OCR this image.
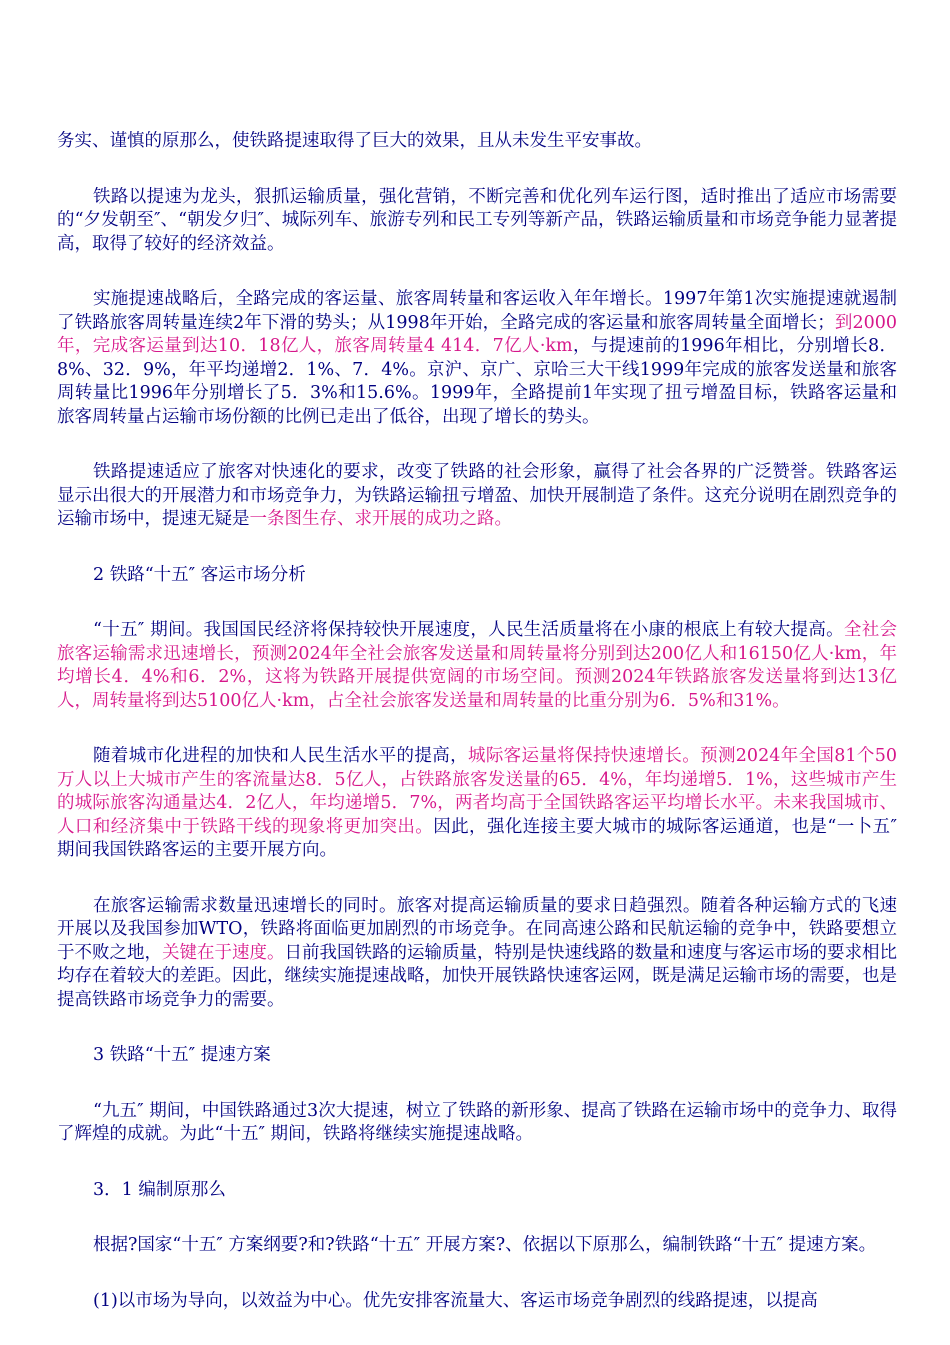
务实、谨慎的原那么，使铁路提速取得了巨大的效果，且从未发生平安事故。

铁路以提速为龙头，狠抓运输质量，强化营销，不断完善和优化列车运行图，适时推出了适应市场需要的“夕发朝至″、“朝发夕归″、城际列车、旅游专列和民工专列等新产品，铁路运输质量和市场竞争能力显著提高，取得了较好的经济效益。

实施提速战略后，全路完成的客运量、旅客周转量和客运收入年年增长。1997年第1次实施提速就遏制了铁路旅客周转量连续2年下滑的势头；从1998年开始，全路完成的客运量和旅客周转量全面增长；到2000年，完成客运量到达10．18亿人，旅客周转量4 414．7亿人·km，与提速前的1996年相比，分别增长8．8%、32．9%，年平均递增2．1%、7．4%。京沪、京广、京哈三大干线1999年完成的旅客发送量和旅客周转量比1996年分别增长了5．3%和15.6%。1999年，全路提前1年实现了扭亏增盈目标，铁路客运量和旅客周转量占运输市场份额的比例已走出了低谷，出现了增长的势头。

铁路提速适应了旅客对快速化的要求，改变了铁路的社会形象，赢得了社会各界的广泛赞誉。铁路客运显示出很大的开展潜力和市场竞争力，为铁路运输扭亏增盈、加快开展制造了条件。这充分说明在剧烈竞争的运输市场中，提速无疑是一条图生存、求开展的成功之路。

2 铁路“十五″ 客运市场分析

“十五″ 期间。我国国民经济将保持较快开展速度，人民生活质量将在小康的根底上有较大提高。全社会旅客运输需求迅速增长，预测2024年全社会旅客发送量和周转量将分别到达200亿人和16150亿人·km，年均增长4．4%和6．2%，这将为铁路开展提供宽阔的市场空间。预测2024年铁路旅客发送量将到达13亿人，周转量将到达5100亿人·km，占全社会旅客发送量和周转量的比重分别为6．5%和31%。

随着城市化进程的加快和人民生活水平的提高，城际客运量将保持快速增长。预测2024年全国81个50万人以上大城市产生的客流量达8．5亿人，占铁路旅客发送量的65．4%，年均递增5．1%，这些城市产生的城际旅客沟通量达4．2亿人，年均递增5．7%，两者均高于全国铁路客运平均增长水平。未来我国城市、人口和经济集中于铁路干线的现象将更加突出。因此，强化连接主要大城市的城际客运通道，也是“一卜五″ 期间我国铁路客运的主要开展方向。

在旅客运输需求数量迅速增长的同时。旅客对提高运输质量的要求日趋强烈。随着各种运输方式的飞速开展以及我国参加WTO，铁路将面临更加剧烈的市场竞争。在同高速公路和民航运输的竞争中，铁路要想立于不败之地，关键在于速度。日前我国铁路的运输质量，特别是快速线路的数量和速度与客运市场的要求相比均存在着较大的差距。因此，继续实施提速战略，加快开展铁路快速客运网，既是满足运输市场的需要，也是提高铁路市场竞争力的需要。

3 铁路“十五″ 提速方案

“九五″ 期间，中国铁路通过3次大提速，树立了铁路的新形象、提高了铁路在运输市场中的竞争力、取得了辉煌的成就。为此“十五″ 期间，铁路将继续实施提速战略。

3．1 编制原那么

根据?国家“十五″ 方案纲要?和?铁路“十五″ 开展方案?、依据以下原那么，编制铁路“十五″ 提速方案。

(1)以市场为导向，以效益为中心。优先安排客流量大、客运市场竞争剧烈的线路提速，以提高
